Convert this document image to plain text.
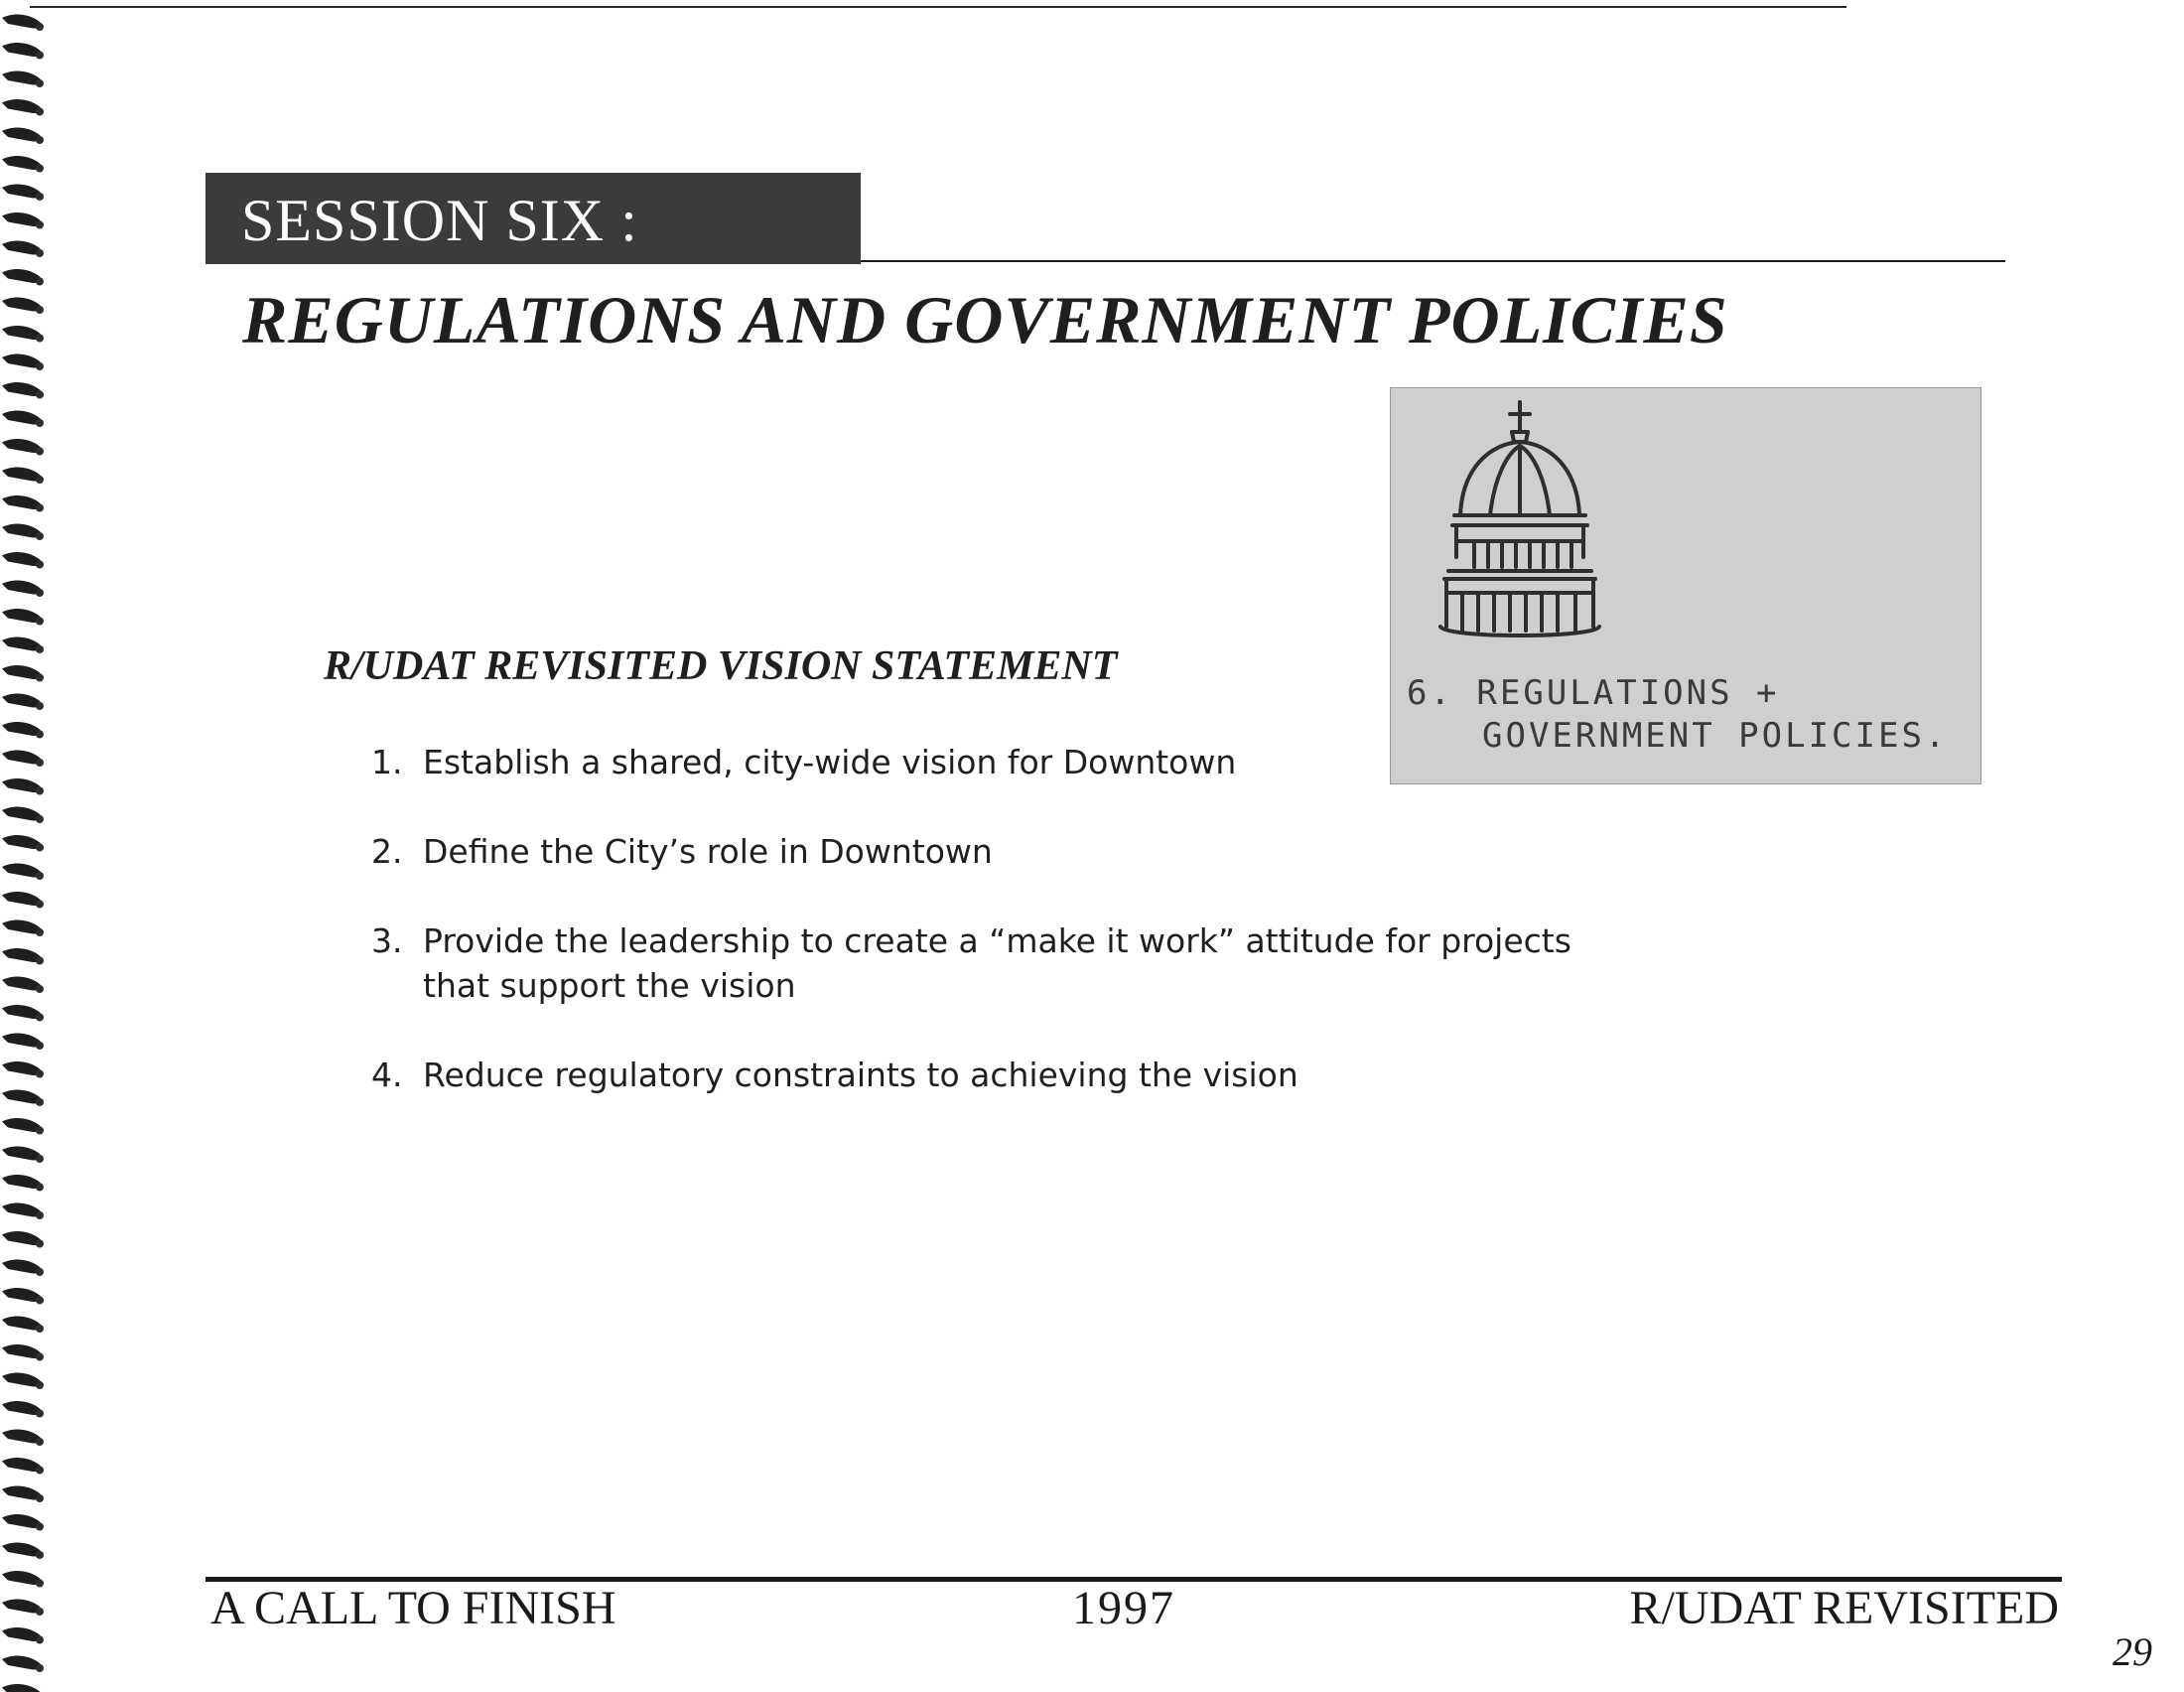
SESSION SIX :
REGULATIONS AND GOVERNMENT POLICIES
6. REGULATIONS +
GOVERNMENT POLICIES.
R/UDAT REVISITED VISION STATEMENT
1. Establish a shared, city-wide vision for Downtown
2. Define the City’s role in Downtown
3. Provide the leadership to create a “make it work” attitude for projects that support the vision
4. Reduce regulatory constraints to achieving the vision
A CALL TO FINISH	1997	R/UDAT REVISITED
29
